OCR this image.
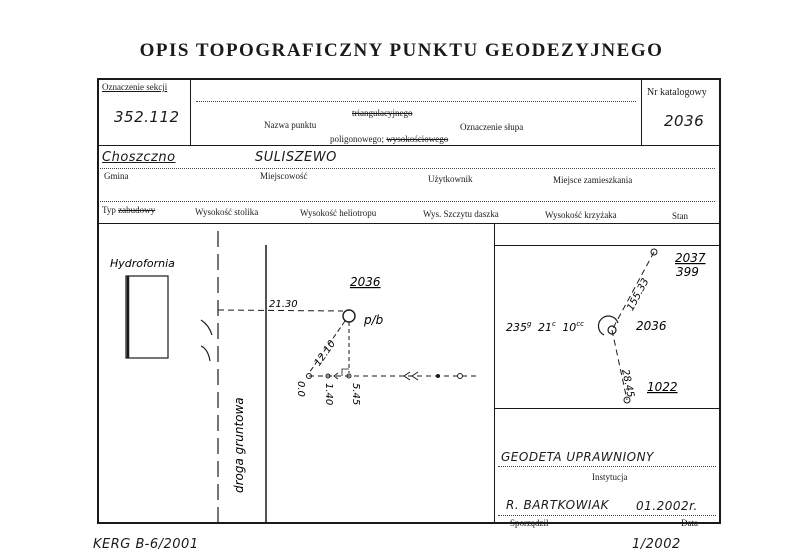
OPIS TOPOGRAFICZNY PUNKTU GEODEZYJNEGO
Oznaczenie sekcji
352.112
Nr katalogowy
2036
Nazwa punktu
triangulacyjnego
poligonowego; wysokościowego
Oznaczenie słupa
Choszczno	SULISZEWO
Gmina	Miejscowość	Użytkownik	Miejsce zamieszkania
Typ zabudowy	Wysokość stolika	Wysokość heliotropu	Wys. Szczytu daszka	Wysokość krzyżaka	Stan
Hydrofornia
2036
p/b
21.30
12.10
5.45
0.0 1.40
droga gruntowa
2037
399
155.33
235$^g$ 21$^c$ $10^{cc}$	2036
28.45 1022
GEODETA UPRAWNIONY
Instytucja
R. BARTKOWIAK 01.2002r.
Sporządził	Data
KERG B-6/2001	1/2002
